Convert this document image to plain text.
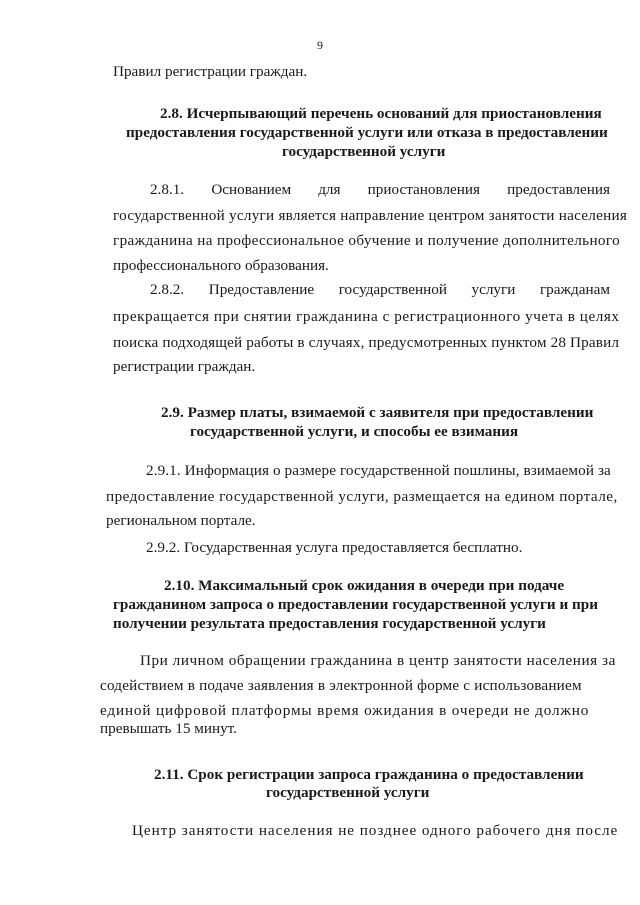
9
Правил регистрации граждан.
2.8. Исчерпывающий перечень оснований для приостановления
предоставления государственной услуги или отказа в предоставлении
государственной услуги
2.8.1. Основанием для приостановления предоставления
государственной услуги является направление центром занятости населения
гражданина на профессиональное обучение и получение дополнительного
профессионального образования.
2.8.2. Предоставление государственной услуги гражданам
прекращается при снятии гражданина с регистрационного учета в целях
поиска подходящей работы в случаях, предусмотренных пунктом 28 Правил
регистрации граждан.
2.9. Размер платы, взимаемой с заявителя при предоставлении
государственной услуги, и способы ее взимания
2.9.1. Информация о размере государственной пошлины, взимаемой за
предоставление государственной услуги, размещается на едином портале,
региональном портале.
2.9.2. Государственная услуга предоставляется бесплатно.
2.10. Максимальный срок ожидания в очереди при подаче
гражданином запроса о предоставлении государственной услуги и при
получении результата предоставления государственной услуги
При личном обращении гражданина в центр занятости населения за
содействием в подаче заявления в электронной форме с использованием
единой цифровой платформы время ожидания в очереди не должно
превышать 15 минут.
2.11. Срок регистрации запроса гражданина о предоставлении
государственной услуги
Центр занятости населения не позднее одного рабочего дня после
